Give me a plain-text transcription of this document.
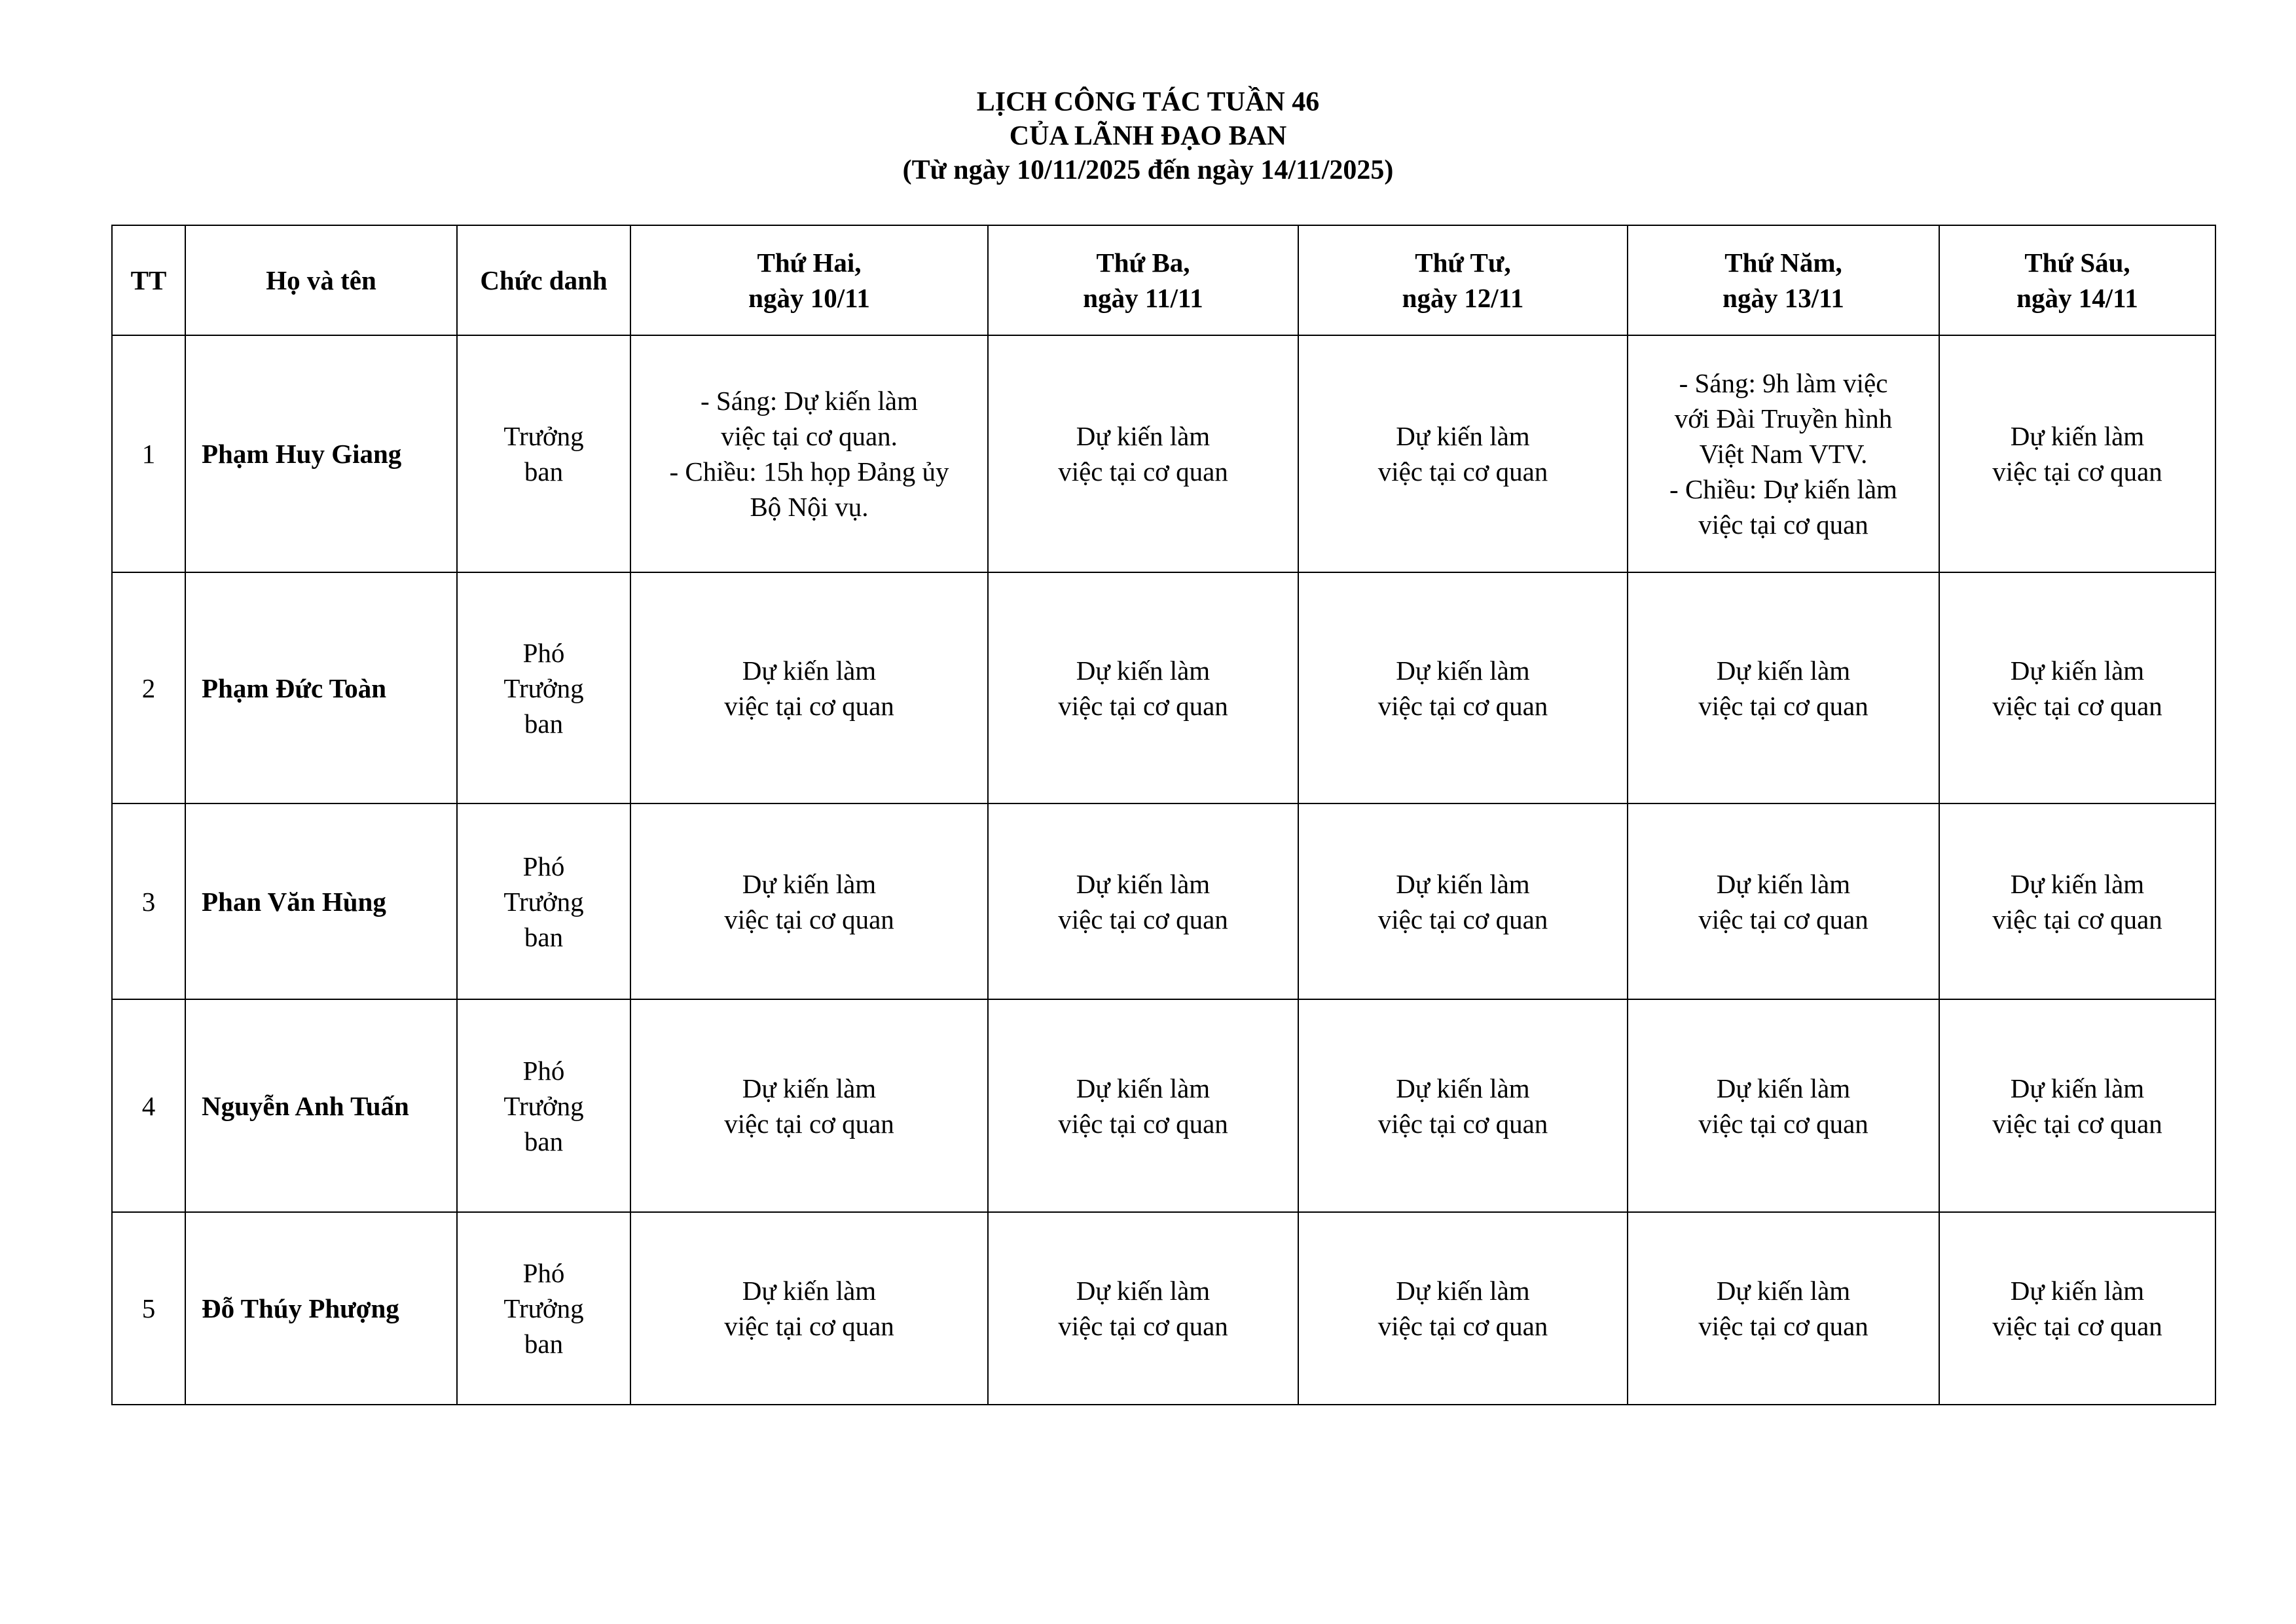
LỊCH CÔNG TÁC TUẦN 46
CỦA LÃNH ĐẠO BAN
(Từ ngày 10/11/2025 đến ngày 14/11/2025)
TT	Họ và tên	Chức danh	Thứ Hai,
ngày 10/11	Thứ Ba,
ngày 11/11	Thứ Tư,
ngày 12/11	Thứ Năm,
ngày 13/11	Thứ Sáu,
ngày 14/11

1	Phạm Huy Giang	Trưởng
ban	- Sáng: Dự kiến làm
việc tại cơ quan.
- Chiều: 15h họp Đảng ủy
Bộ Nội vụ.	Dự kiến làm
việc tại cơ quan	Dự kiến làm
việc tại cơ quan	- Sáng: 9h làm việc
với Đài Truyền hình
Việt Nam VTV.
- Chiều: Dự kiến làm
việc tại cơ quan	Dự kiến làm
việc tại cơ quan

2	Phạm Đức Toàn	Phó
Trưởng
ban	Dự kiến làm
việc tại cơ quan	Dự kiến làm
việc tại cơ quan	Dự kiến làm
việc tại cơ quan	Dự kiến làm
việc tại cơ quan	Dự kiến làm
việc tại cơ quan

3	Phan Văn Hùng	Phó
Trưởng
ban	Dự kiến làm
việc tại cơ quan	Dự kiến làm
việc tại cơ quan	Dự kiến làm
việc tại cơ quan	Dự kiến làm
việc tại cơ quan	Dự kiến làm
việc tại cơ quan

4	Nguyễn Anh Tuấn	Phó
Trưởng
ban	Dự kiến làm
việc tại cơ quan	Dự kiến làm
việc tại cơ quan	Dự kiến làm
việc tại cơ quan	Dự kiến làm
việc tại cơ quan	Dự kiến làm
việc tại cơ quan

5	Đỗ Thúy Phượng	Phó
Trưởng
ban	Dự kiến làm
việc tại cơ quan	Dự kiến làm
việc tại cơ quan	Dự kiến làm
việc tại cơ quan	Dự kiến làm
việc tại cơ quan	Dự kiến làm
việc tại cơ quan
